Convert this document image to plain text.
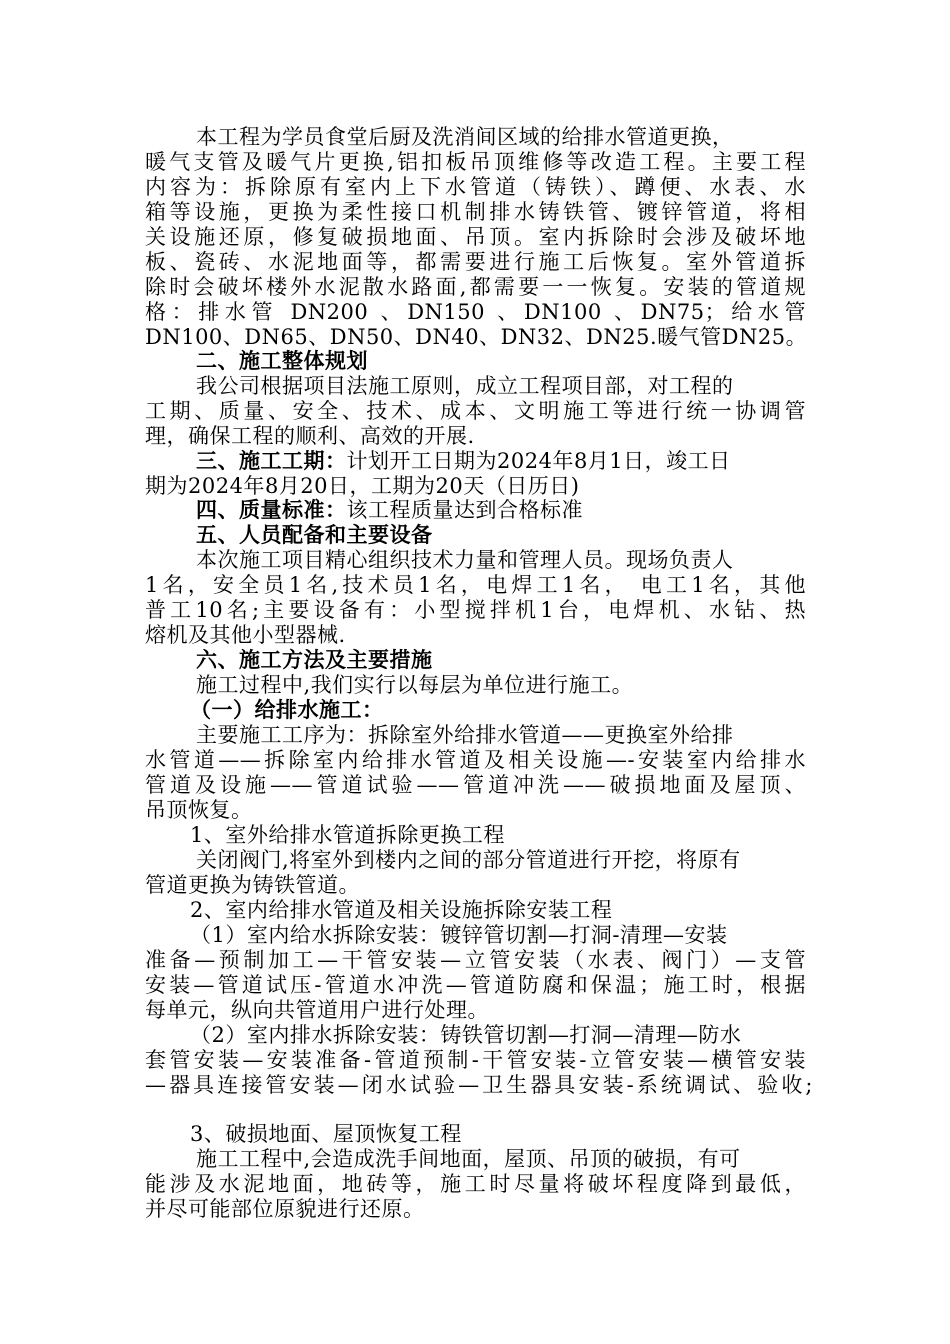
本工程为学员食堂后厨及洗消间区域的给排水管道更换，
暖气支管及暖气片更换,铝扣板吊顶维修等改造工程。主要工程
内容为：拆除原有室内上下水管道（铸铁）、蹲便、水表、水
箱等设施，更换为柔性接口机制排水铸铁管、镀锌管道，将相
关设施还原，修复破损地面、吊顶。室内拆除时会涉及破坏地
板、瓷砖、水泥地面等，都需要进行施工后恢复。室外管道拆
除时会破坏楼外水泥散水路面,都需要一一恢复。安装的管道规
格：排水管 DN200 、DN150 、DN100 、DN75；给水管
DN100、DN65、DN50、DN40、DN32、DN25.暖气管DN25。
二、施工整体规划
我公司根据项目法施工原则，成立工程项目部，对工程的
工期、质量、安全、技术、成本、文明施工等进行统一协调管
理，确保工程的顺利、高效的开展.
三、施工工期：计划开工日期为2024年8月1日，竣工日
期为2024年8月20日，工期为20天（日历日)
四、质量标准：该工程质量达到合格标准
五、人员配备和主要设备
本次施工项目精心组织技术力量和管理人员。现场负责人
1名，安全员1名,技术员1名，电焊工1名， 电工1名，其他
普工10名;主要设备有：小型搅拌机1台，电焊机、水钻、热
熔机及其他小型器械.
六、施工方法及主要措施
施工过程中,我们实行以每层为单位进行施工。
（一）给排水施工：
主要施工工序为：拆除室外给排水管道——更换室外给排
水管道——拆除室内给排水管道及相关设施—-安装室内给排水
管道及设施——管道试验——管道冲洗——破损地面及屋顶、
吊顶恢复。
1、室外给排水管道拆除更换工程
关闭阀门,将室外到楼内之间的部分管道进行开挖，将原有
管道更换为铸铁管道。
2、室内给排水管道及相关设施拆除安装工程
（1）室内给水拆除安装：镀锌管切割—打洞-清理—安装
准备—预制加工—干管安装—立管安装（水表、阀门）—支管
安装—管道试压-管道水冲洗—管道防腐和保温；施工时，根据
每单元，纵向共管道用户进行处理。
（2）室内排水拆除安装：铸铁管切割—打洞—清理—防水
套管安装—安装准备-管道预制-干管安装-立管安装—横管安装
—器具连接管安装—闭水试验—卫生器具安装-系统调试、验收;
3、破损地面、屋顶恢复工程
施工工程中,会造成洗手间地面，屋顶、吊顶的破损，有可
能涉及水泥地面，地砖等，施工时尽量将破坏程度降到最低，
并尽可能部位原貌进行还原。
